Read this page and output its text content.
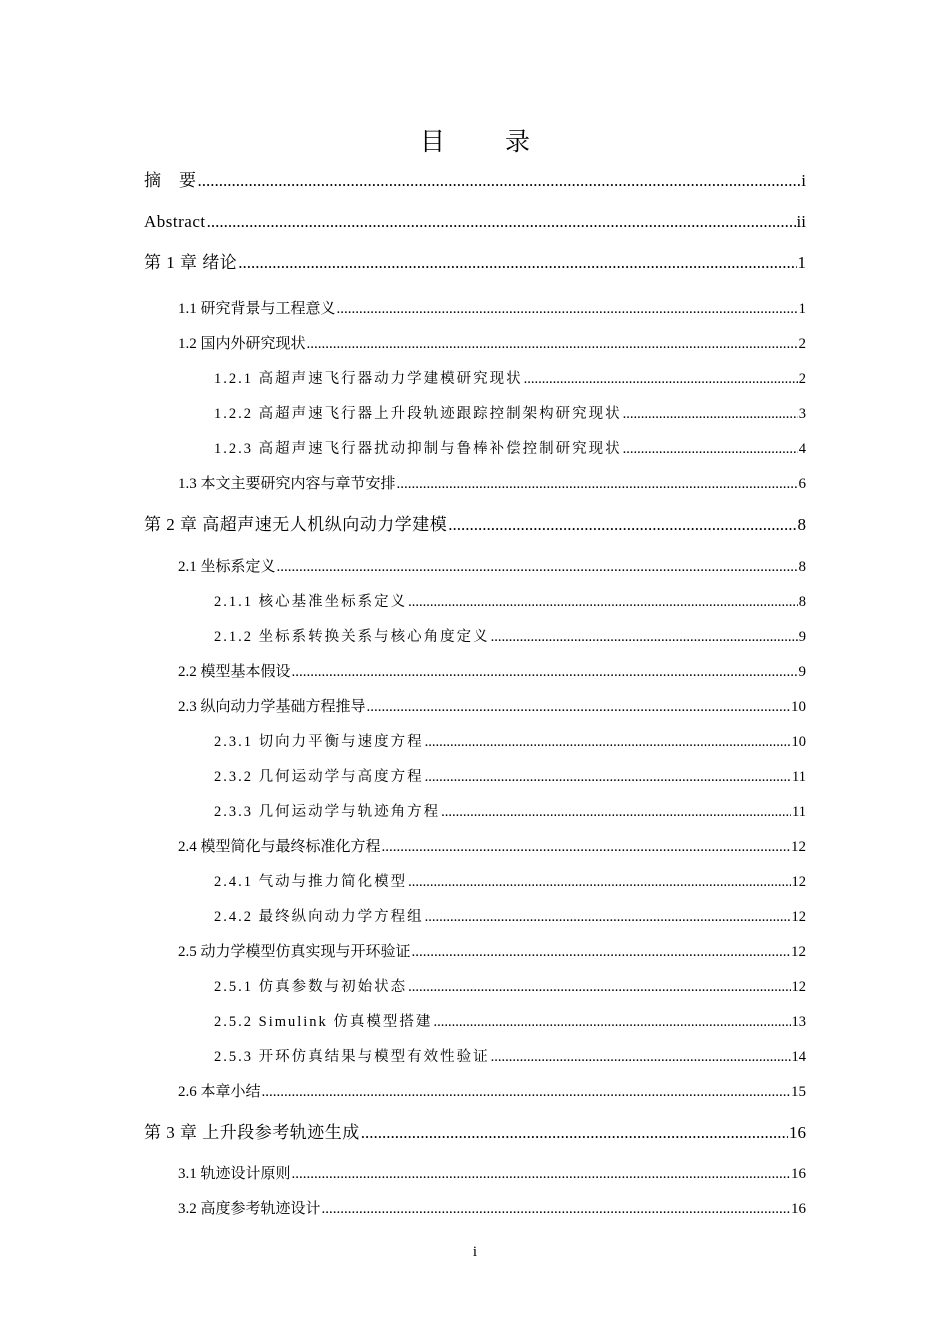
目 录
摘　要 .....	i
Abstract .....	ii
第 1 章 绪论 .....	1
1.1 研究背景与工程意义 .....	1
1.2 国内外研究现状 .....	2
1.2.1 高超声速飞行器动力学建模研究现状 .....	2
1.2.2 高超声速飞行器上升段轨迹跟踪控制架构研究现状 .....	3
1.2.3 高超声速飞行器扰动抑制与鲁棒补偿控制研究现状 .....	4
1.3 本文主要研究内容与章节安排 .....	6
第 2 章 高超声速无人机纵向动力学建模 .....	8
2.1 坐标系定义 .....	8
2.1.1 核心基准坐标系定义 .....	8
2.1.2 坐标系转换关系与核心角度定义 .....	9
2.2 模型基本假设 .....	9
2.3 纵向动力学基础方程推导 .....	10
2.3.1 切向力平衡与速度方程 .....	10
2.3.2 几何运动学与高度方程 .....	11
2.3.3 几何运动学与轨迹角方程 .....	11
2.4 模型简化与最终标准化方程 .....	12
2.4.1 气动与推力简化模型 .....	12
2.4.2 最终纵向动力学方程组 .....	12
2.5 动力学模型仿真实现与开环验证 .....	12
2.5.1 仿真参数与初始状态 .....	12
2.5.2 Simulink 仿真模型搭建 .....	13
2.5.3 开环仿真结果与模型有效性验证 .....	14
2.6 本章小结 .....	15
第 3 章 上升段参考轨迹生成 .....	16
3.1 轨迹设计原则 .....	16
3.2 高度参考轨迹设计 .....	16
i
